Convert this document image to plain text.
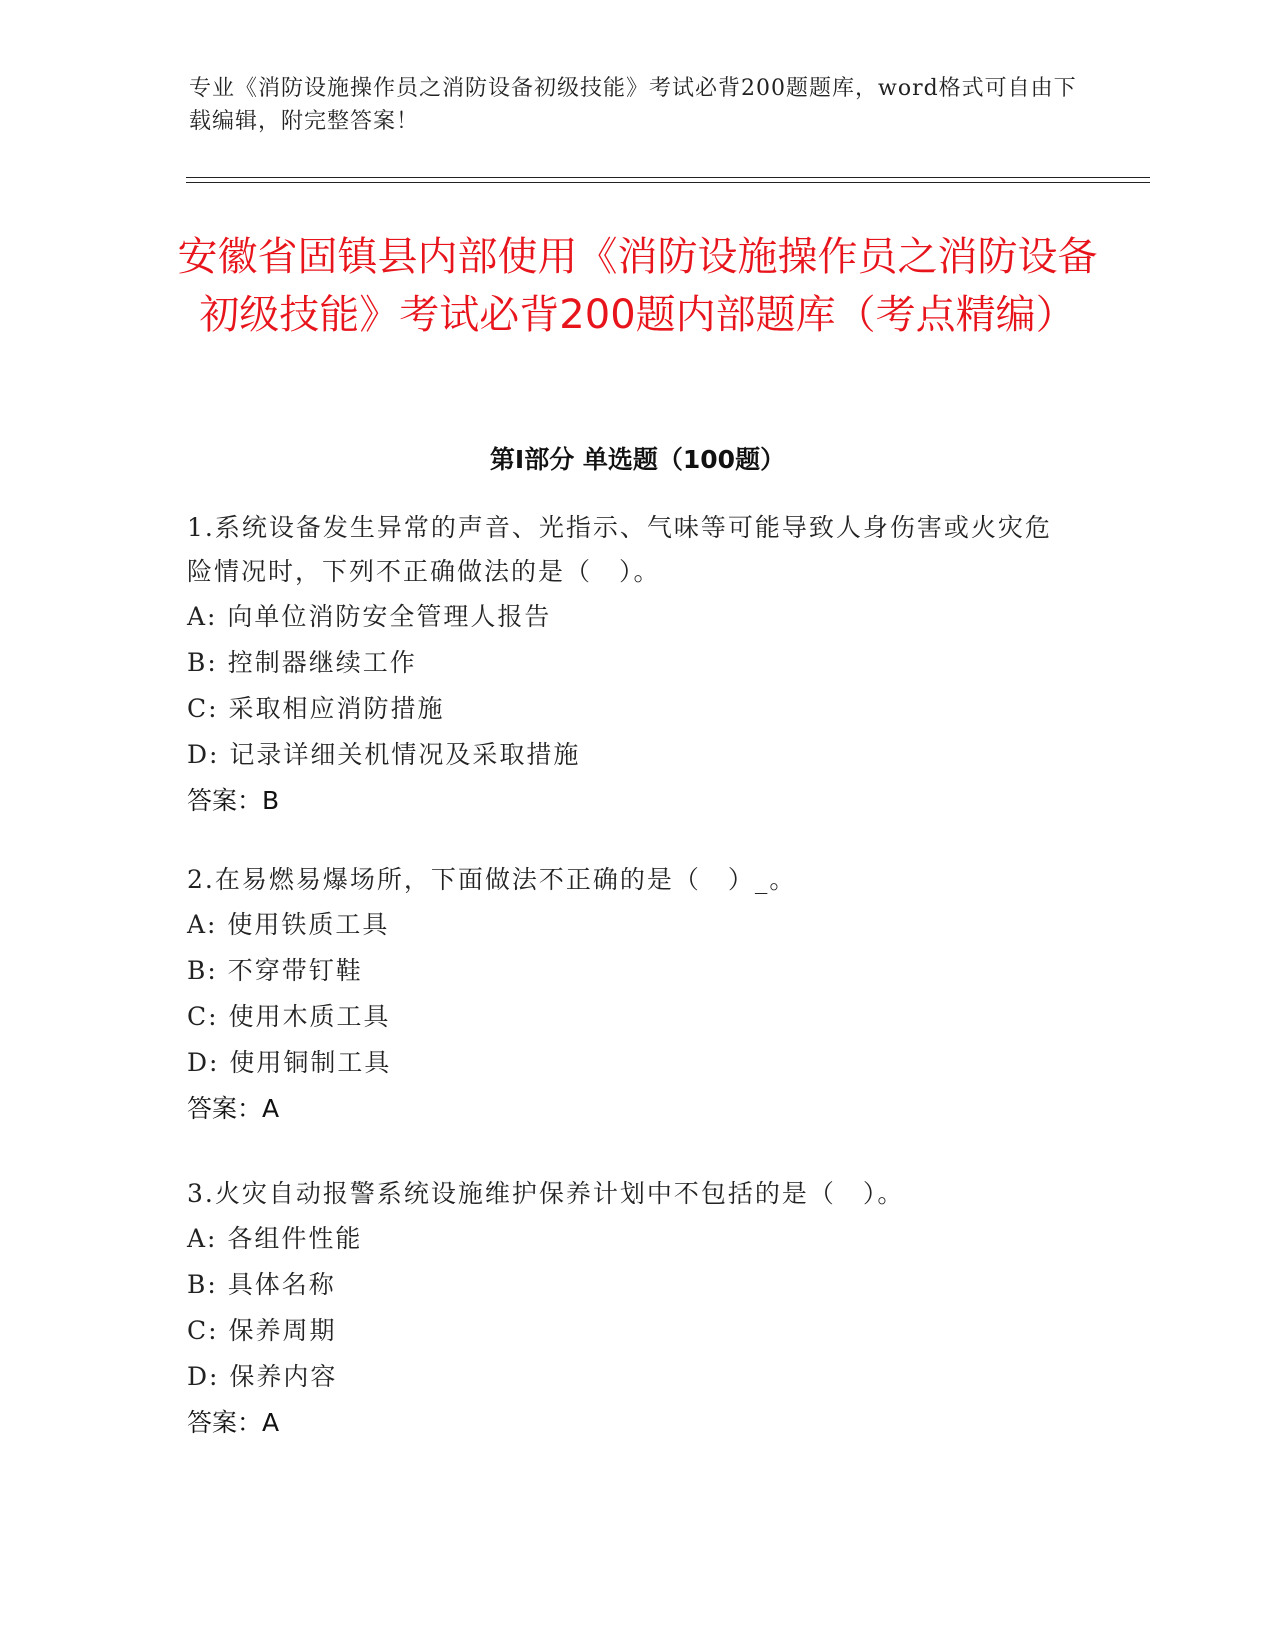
专业《消防设施操作员之消防设备初级技能》考试必背200题题库，word格式可自由下载编辑，附完整答案！
安徽省固镇县内部使用《消防设施操作员之消防设备初级技能》考试必背200题内部题库（考点精编）
第I部分 单选题（100题）
1.系统设备发生异常的声音、光指示、气味等可能导致人身伤害或火灾危险情况时，下列不正确做法的是（　）。
A: 向单位消防安全管理人报告
B: 控制器继续工作
C: 采取相应消防措施
D: 记录详细关机情况及采取措施
答案：B
2.在易燃易爆场所，下面做法不正确的是（　）_。
A: 使用铁质工具
B: 不穿带钉鞋
C: 使用木质工具
D: 使用铜制工具
答案：A
3.火灾自动报警系统设施维护保养计划中不包括的是（　）。
A: 各组件性能
B: 具体名称
C: 保养周期
D: 保养内容
答案：A
